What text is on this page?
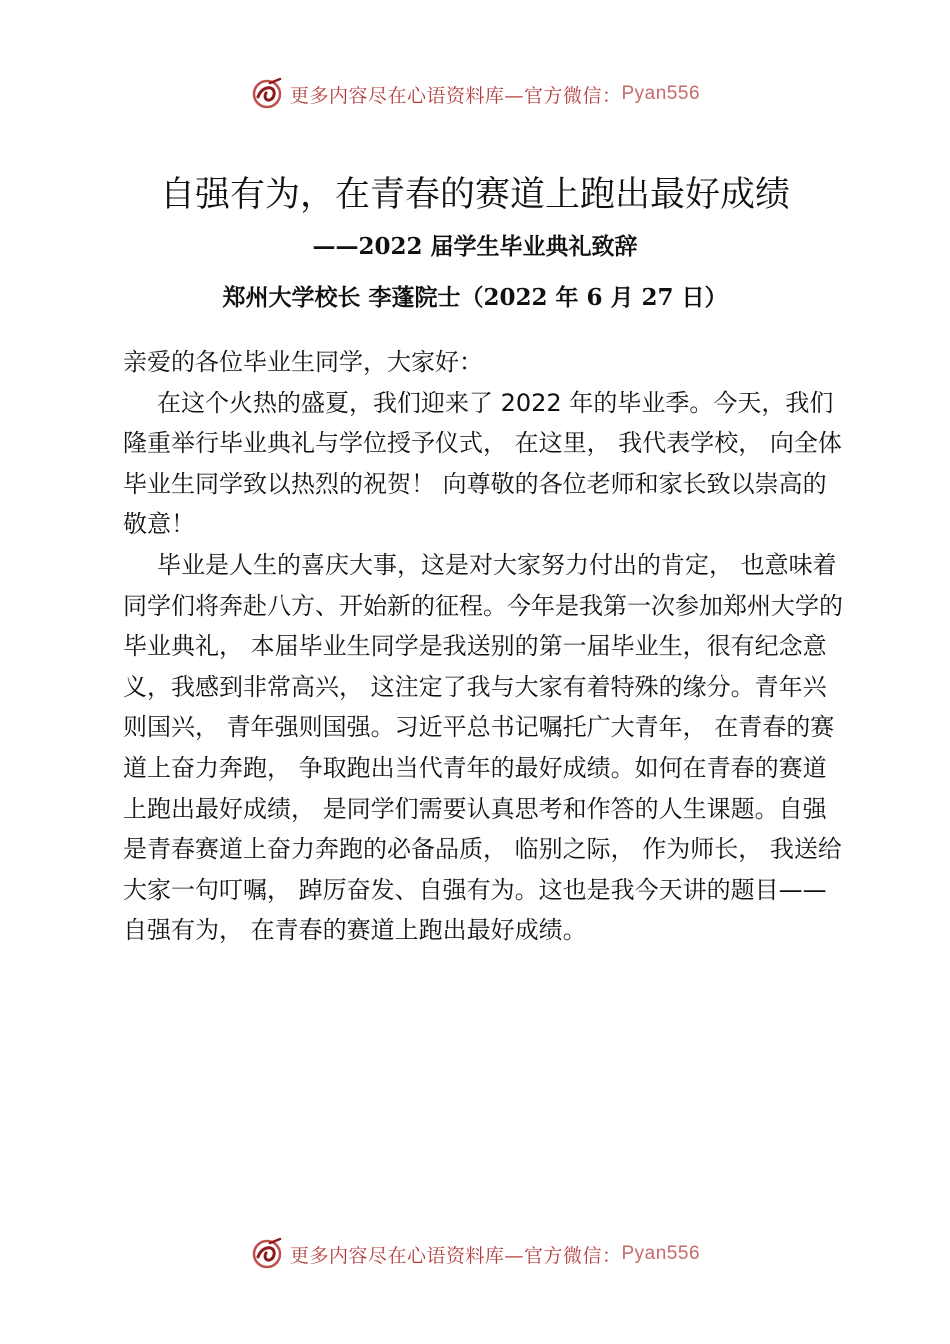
更多内容尽在心语资料库—官方微信： Pyan556
自强有为，在青春的赛道上跑出最好成绩
——2022 届学生毕业典礼致辞
郑州大学校长 李蓬院士（2022 年 6 月 27 日）

亲爱的各位毕业生同学，大家好：

在这个火热的盛夏，我们迎来了 2022 年的毕业季。今天，我们隆重举行毕业典礼与学位授予仪式， 在这里， 我代表学校， 向全体毕业生同学致以热烈的祝贺！ 向尊敬的各位老师和家长致以崇高的敬意！

毕业是人生的喜庆大事，这是对大家努力付出的肯定， 也意味着同学们将奔赴八方、开始新的征程。今年是我第一次参加郑州大学的毕业典礼， 本届毕业生同学是我送别的第一届毕业生，很有纪念意义，我感到非常高兴， 这注定了我与大家有着特殊的缘分。青年兴则国兴， 青年强则国强。习近平总书记嘱托广大青年， 在青春的赛道上奋力奔跑， 争取跑出当代青年的最好成绩。如何在青春的赛道上跑出最好成绩， 是同学们需要认真思考和作答的人生课题。自强是青春赛道上奋力奔跑的必备品质， 临别之际， 作为师长， 我送给大家一句叮嘱， 踔厉奋发、自强有为。这也是我今天讲的题目——自强有为， 在青春的赛道上跑出最好成绩。

更多内容尽在心语资料库—官方微信： Pyan556
